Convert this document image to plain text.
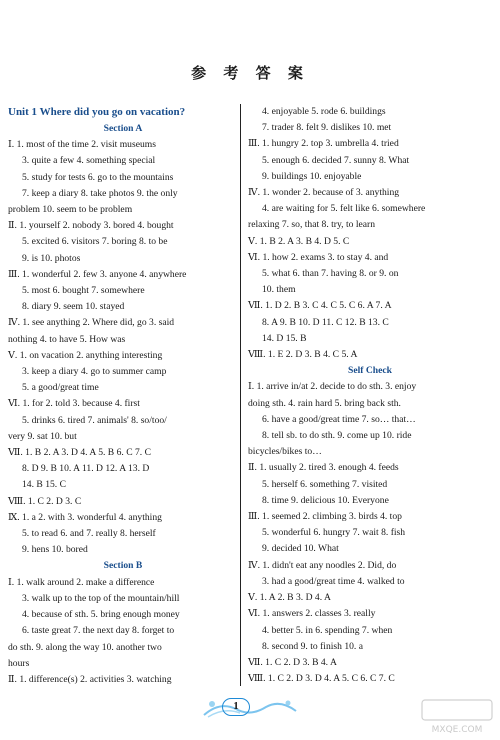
参 考 答 案
Unit 1 Where did you go on vacation?
Section A
Ⅰ. 1. most of the time 2. visit museums
3. quite a few 4. something special
5. study for tests 6. go to the mountains
7. keep a diary 8. take photos 9. the only
problem 10. seem to be problem
Ⅱ. 1. yourself 2. nobody 3. bored 4. bought
5. excited 6. visitors 7. boring 8. to be
9. is 10. photos
Ⅲ. 1. wonderful 2. few 3. anyone 4. anywhere
5. most 6. bought 7. somewhere
8. diary 9. seem 10. stayed
Ⅳ. 1. see anything 2. Where did, go 3. said
nothing 4. to have 5. How was
Ⅴ. 1. on vacation 2. anything interesting
3. keep a diary 4. go to summer camp
5. a good/great time
Ⅵ. 1. for 2. told 3. because 4. first
5. drinks 6. tired 7. animals' 8. so/too/
very 9. sat 10. but
Ⅶ. 1. B 2. A 3. D 4. A 5. B 6. C 7. C
8. D 9. B 10. A 11. D 12. A 13. D
14. B 15. C
Ⅷ. 1. C 2. D 3. C
Ⅸ. 1. a 2. with 3. wonderful 4. anything
5. to read 6. and 7. really 8. herself
9. hens 10. bored
Section B
Ⅰ. 1. walk around 2. make a difference
3. walk up to the top of the mountain/hill
4. because of sth. 5. bring enough money
6. taste great 7. the next day 8. forget to
do sth. 9. along the way 10. another two
hours
Ⅱ. 1. difference(s) 2. activities 3. watching
4. enjoyable 5. rode 6. buildings
7. trader 8. felt 9. dislikes 10. met
Ⅲ. 1. hungry 2. top 3. umbrella 4. tried
5. enough 6. decided 7. sunny 8. What
9. buildings 10. enjoyable
Ⅳ. 1. wonder 2. because of 3. anything
4. are waiting for 5. felt like 6. somewhere
relaxing 7. so, that 8. try, to learn
Ⅴ. 1. B 2. A 3. B 4. D 5. C
Ⅵ. 1. how 2. exams 3. to stay 4. and
5. what 6. than 7. having 8. or 9. on
10. them
Ⅶ. 1. D 2. B 3. C 4. C 5. C 6. A 7. A
8. A 9. B 10. D 11. C 12. B 13. C
14. D 15. B
Ⅷ. 1. E 2. D 3. B 4. C 5. A
Self Check
Ⅰ. 1. arrive in/at 2. decide to do sth. 3. enjoy
doing sth. 4. rain hard 5. bring back sth.
6. have a good/great time 7. so… that…
8. tell sb. to do sth. 9. come up 10. ride
bicycles/bikes to…
Ⅱ. 1. usually 2. tired 3. enough 4. feeds
5. herself 6. something 7. visited
8. time 9. delicious 10. Everyone
Ⅲ. 1. seemed 2. climbing 3. birds 4. top
5. wonderful 6. hungry 7. wait 8. fish
9. decided 10. What
Ⅳ. 1. didn't eat any noodles 2. Did, do
3. had a good/great time 4. walked to
Ⅴ. 1. A 2. B 3. D 4. A
Ⅵ. 1. answers 2. classes 3. really
4. better 5. in 6. spending 7. when
8. second 9. to finish 10. a
Ⅶ. 1. C 2. D 3. B 4. A
Ⅷ. 1. C 2. D 3. D 4. A 5. C 6. C 7. C
1
MXQE.COM
